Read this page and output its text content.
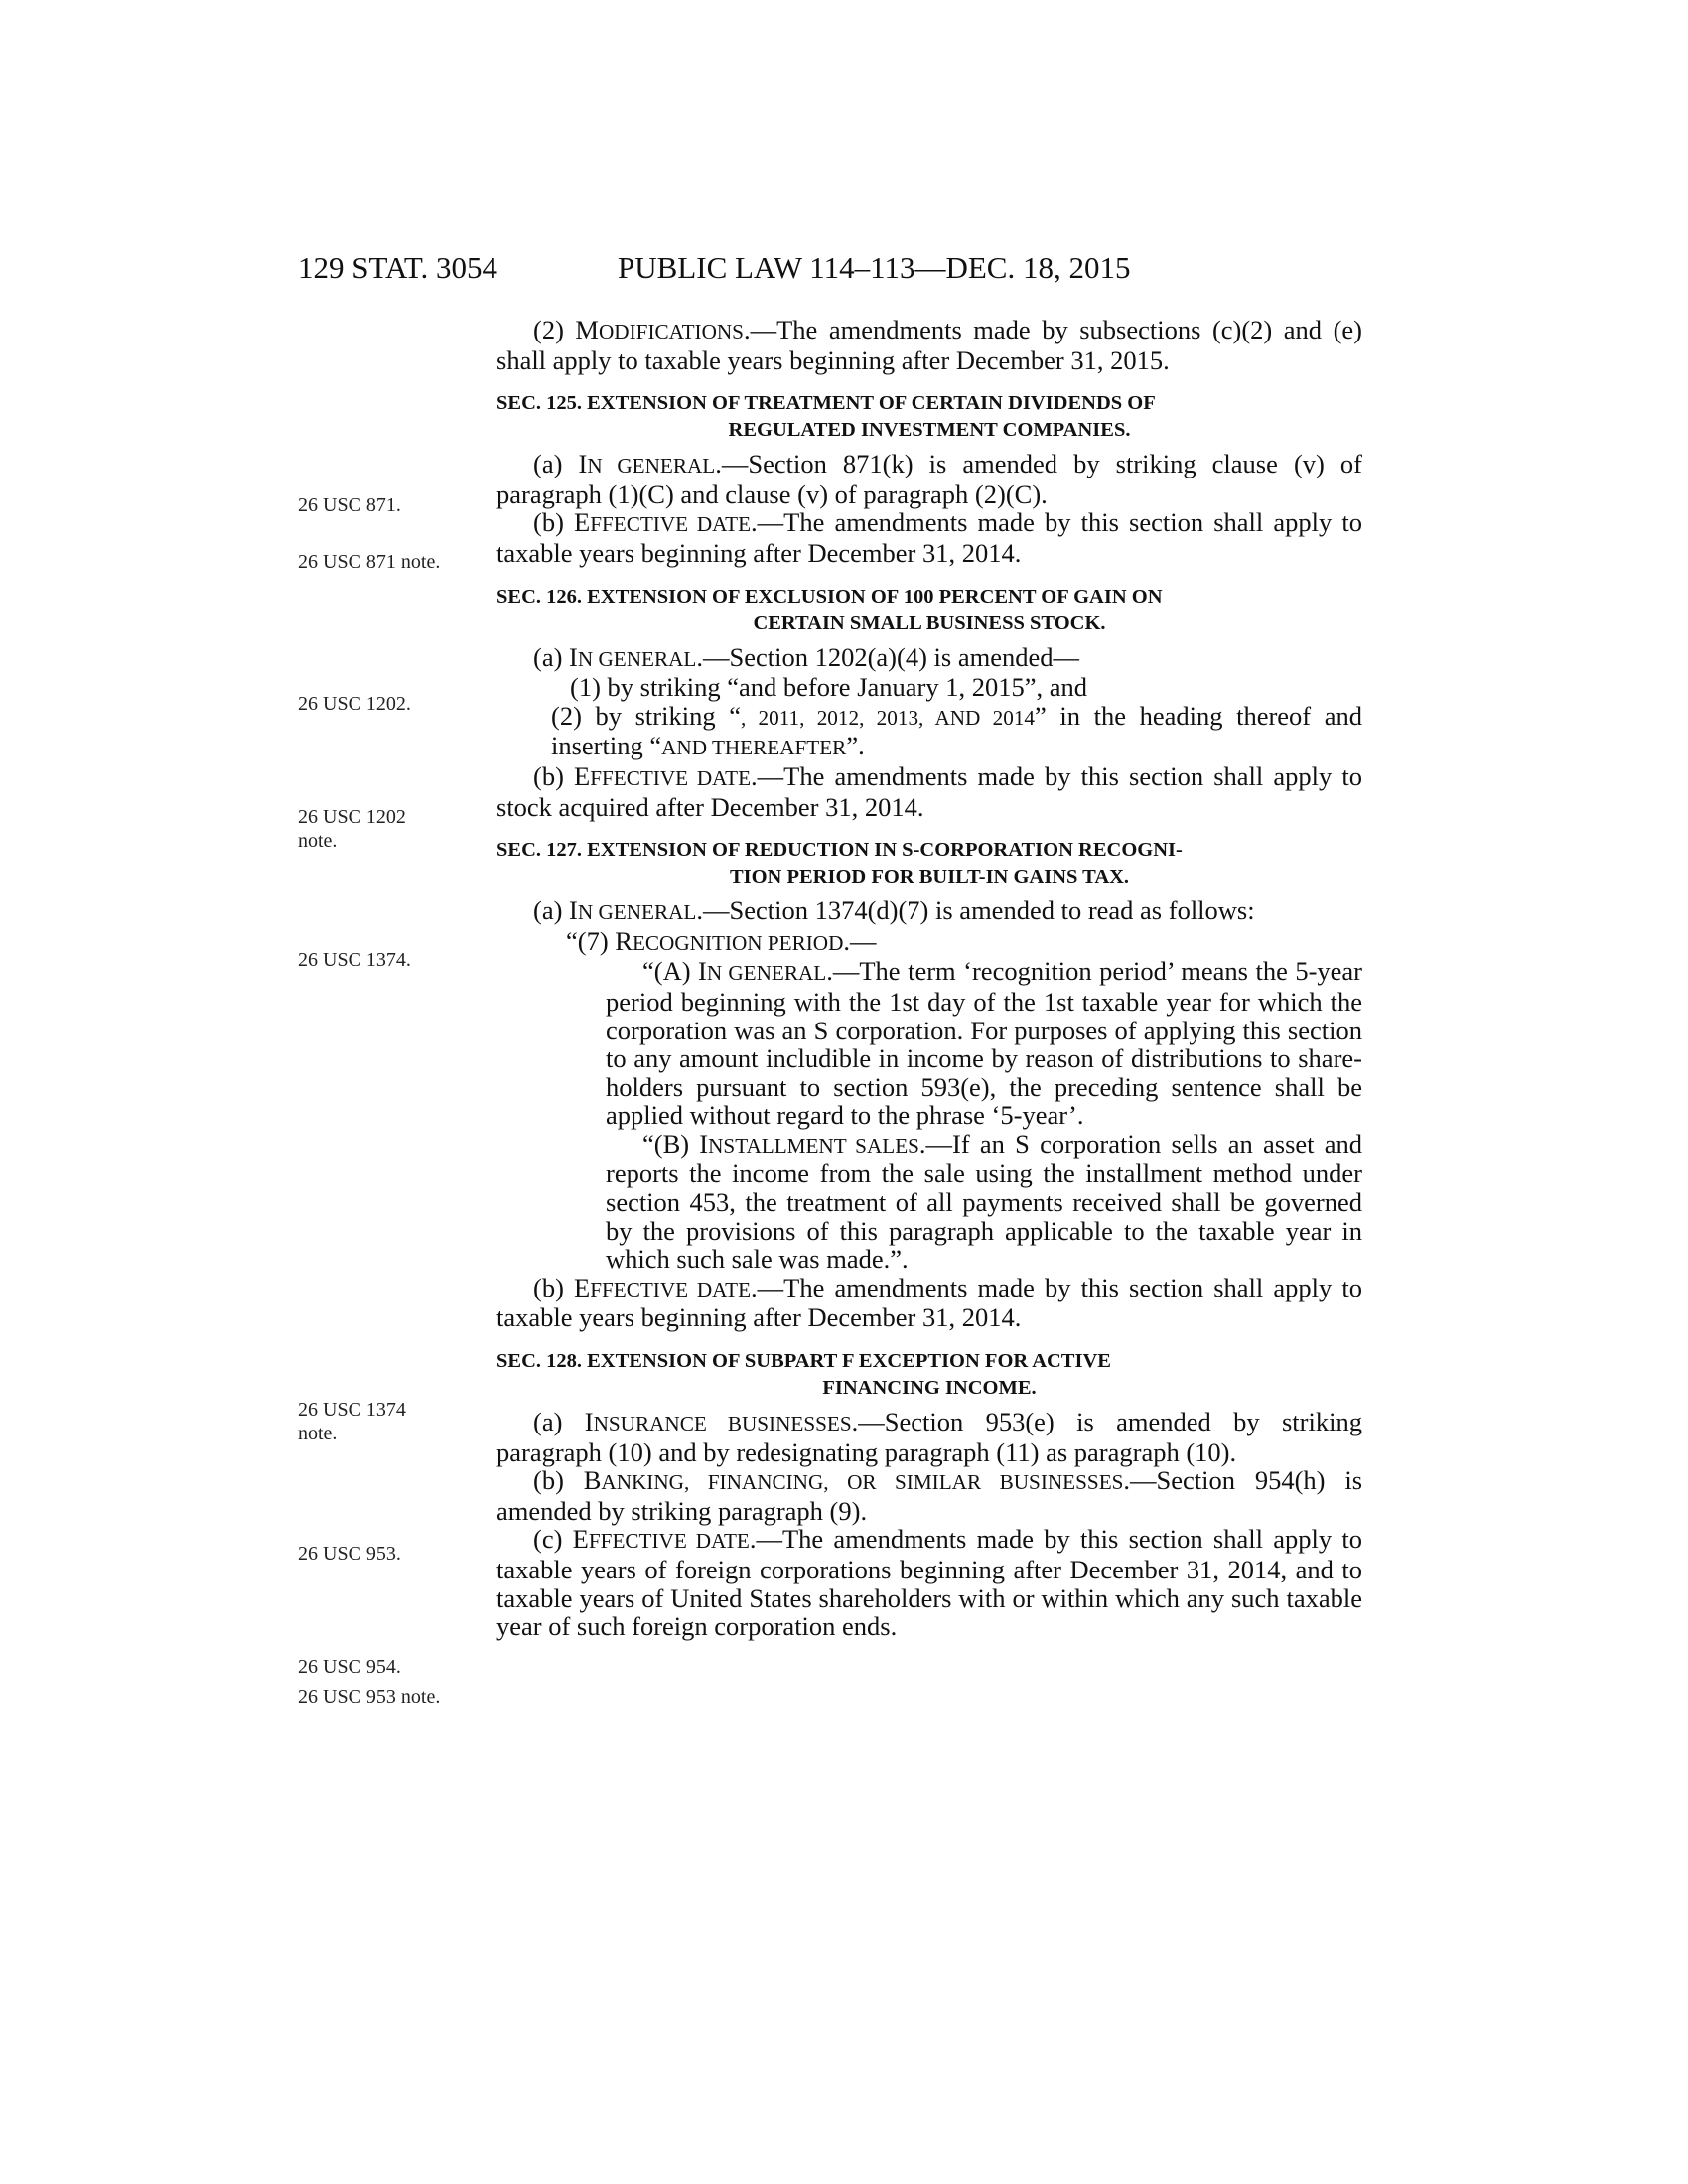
129 STAT. 3054	PUBLIC LAW 114–113—DEC. 18, 2015
26 USC 871.
26 USC 871 note.
26 USC 1202.
26 USC 1202
note.
26 USC 1374.
26 USC 1374
note.
26 USC 953.
26 USC 954.
26 USC 953 note.

(2) MODIFICATIONS.—The amendments made by subsections (c)(2) and (e) shall apply to taxable years beginning after December 31, 2015.

SEC. 125. EXTENSION OF TREATMENT OF CERTAIN DIVIDENDS OF
REGULATED INVESTMENT COMPANIES.

(a) IN GENERAL.—Section 871(k) is amended by striking clause (v) of paragraph (1)(C) and clause (v) of paragraph (2)(C).

(b) EFFECTIVE DATE.—The amendments made by this section shall apply to taxable years beginning after December 31, 2014.

SEC. 126. EXTENSION OF EXCLUSION OF 100 PERCENT OF GAIN ON
CERTAIN SMALL BUSINESS STOCK.

(a) IN GENERAL.—Section 1202(a)(4) is amended—

(1) by striking “and before January 1, 2015”, and

(2) by striking “, 2011, 2012, 2013, AND 2014” in the heading thereof and inserting “AND THEREAFTER”.

(b) EFFECTIVE DATE.—The amendments made by this section shall apply to stock acquired after December 31, 2014.

SEC. 127. EXTENSION OF REDUCTION IN S-CORPORATION RECOGNI-
TION PERIOD FOR BUILT-IN GAINS TAX.

(a) IN GENERAL.—Section 1374(d)(7) is amended to read as follows:

“(7) RECOGNITION PERIOD.—

“(A) IN GENERAL.—The term ‘recognition period’ means the 5-year period beginning with the 1st day of the 1st taxable year for which the corporation was an S corporation. For purposes of applying this section to any amount includible in income by reason of distributions to shareholders pursuant to section 593(e), the preceding sentence shall be applied without regard to the phrase ‘5-year’.

“(B) INSTALLMENT SALES.—If an S corporation sells an asset and reports the income from the sale using the installment method under section 453, the treatment of all payments received shall be governed by the provisions of this paragraph applicable to the taxable year in which such sale was made.”.

(b) EFFECTIVE DATE.—The amendments made by this section shall apply to taxable years beginning after December 31, 2014.

SEC. 128. EXTENSION OF SUBPART F EXCEPTION FOR ACTIVE
FINANCING INCOME.

(a) INSURANCE BUSINESSES.—Section 953(e) is amended by striking paragraph (10) and by redesignating paragraph (11) as paragraph (10).

(b) BANKING, FINANCING, OR SIMILAR BUSINESSES.—Section 954(h) is amended by striking paragraph (9).

(c) EFFECTIVE DATE.—The amendments made by this section shall apply to taxable years of foreign corporations beginning after December 31, 2014, and to taxable years of United States shareholders with or within which any such taxable year of such foreign corporation ends.
